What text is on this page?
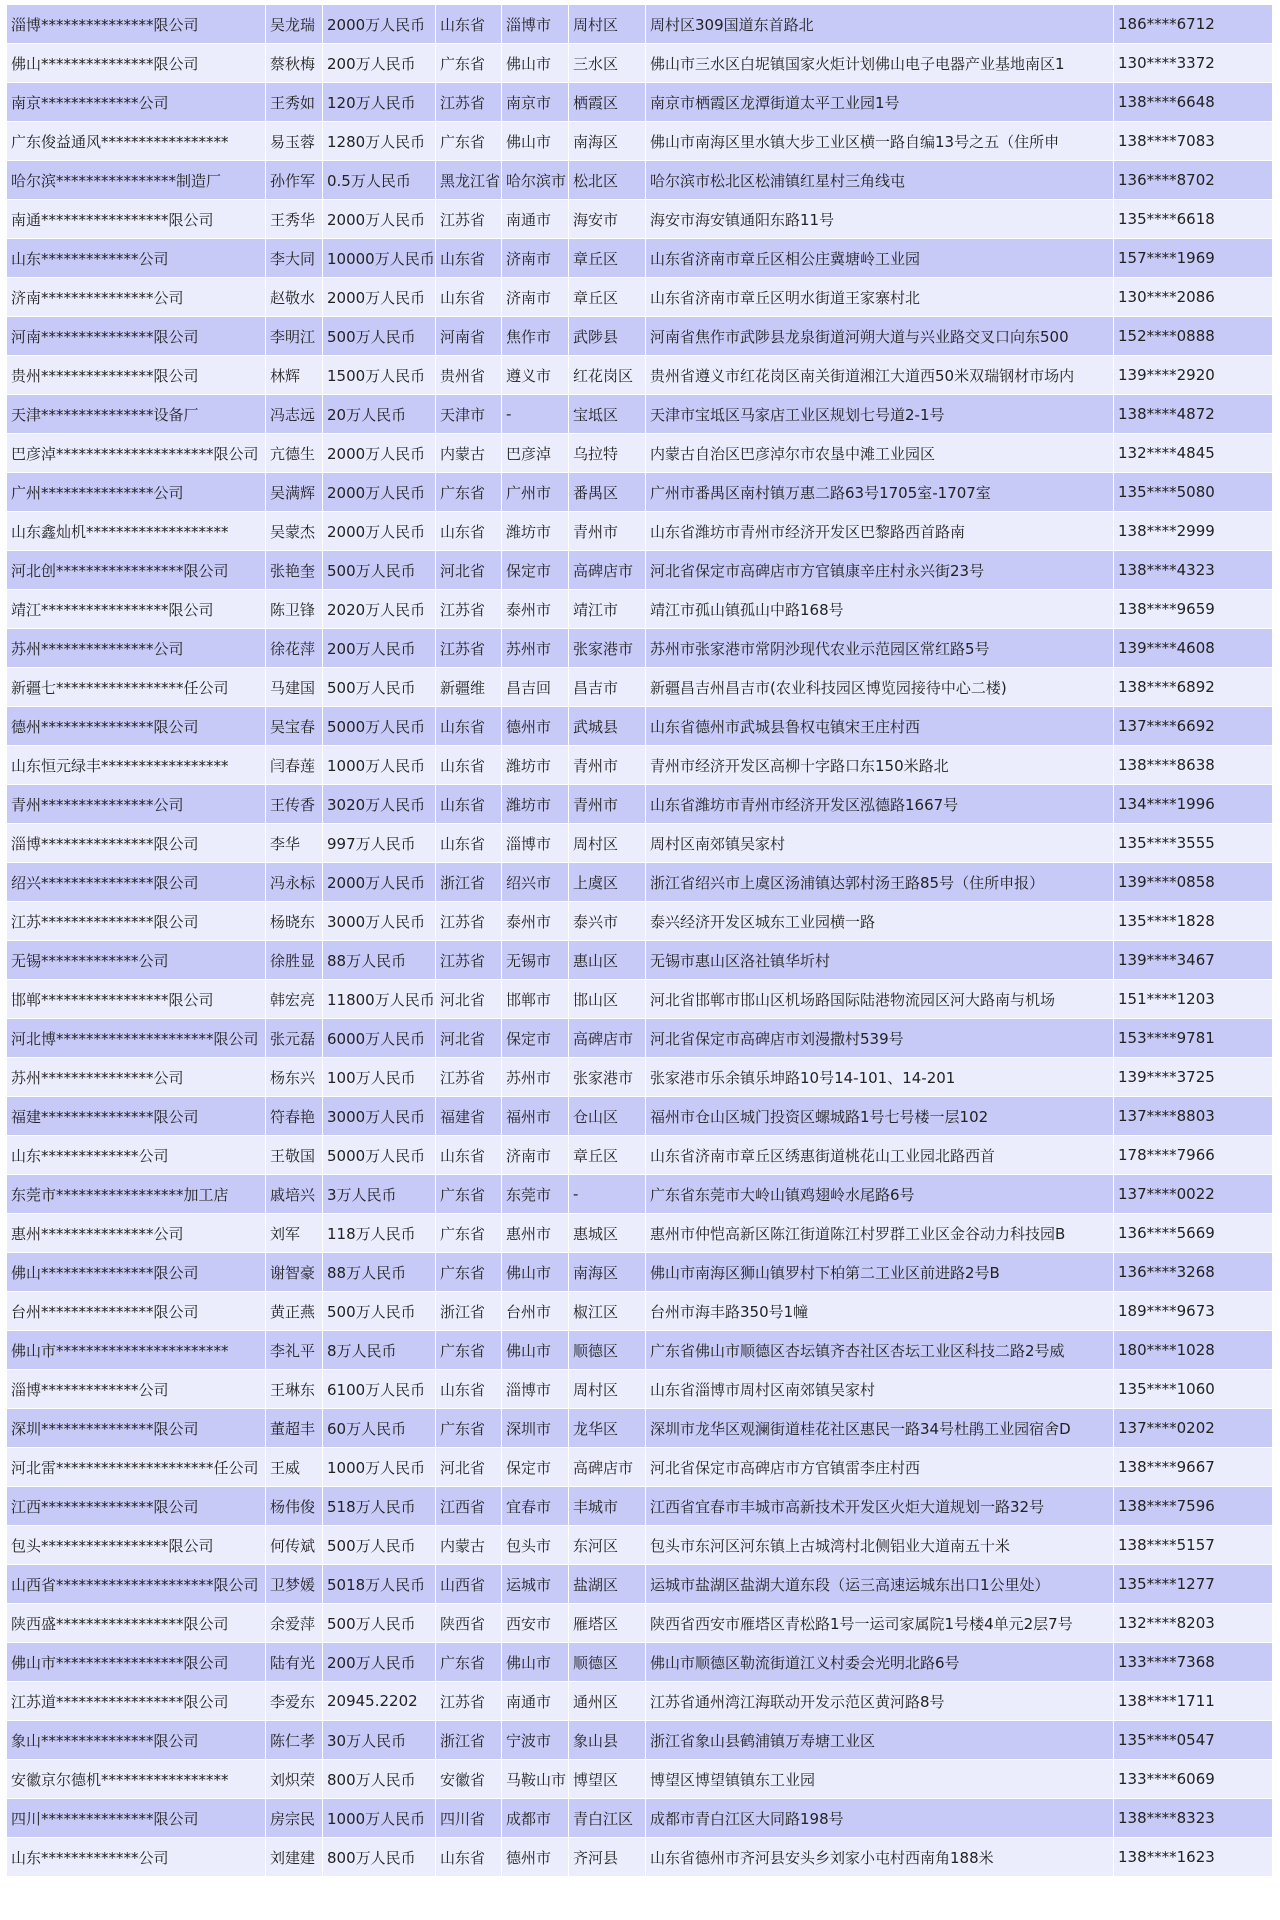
淄博***************限公司	吴龙瑞	2000万人民币	山东省	淄博市	周村区	周村区309国道东首路北	186****6712
佛山***************限公司	蔡秋梅	200万人民币	广东省	佛山市	三水区	佛山市三水区白坭镇国家火炬计划佛山电子电器产业基地南区1	130****3372
南京*************公司	王秀如	120万人民币	江苏省	南京市	栖霞区	南京市栖霞区龙潭街道太平工业园1号	138****6648
广东俊益通风*****************	易玉蓉	1280万人民币	广东省	佛山市	南海区	佛山市南海区里水镇大步工业区横一路自编13号之五（住所申	138****7083
哈尔滨****************制造厂	孙作军	0.5万人民币	黑龙江省	哈尔滨市	松北区	哈尔滨市松北区松浦镇红星村三角线屯	136****8702
南通*****************限公司	王秀华	2000万人民币	江苏省	南通市	海安市	海安市海安镇通阳东路11号	135****6618
山东*************公司	李大同	10000万人民币	山东省	济南市	章丘区	山东省济南市章丘区相公庄冀塘岭工业园	157****1969
济南***************公司	赵敬水	2000万人民币	山东省	济南市	章丘区	山东省济南市章丘区明水街道王家寨村北	130****2086
河南***************限公司	李明江	500万人民币	河南省	焦作市	武陟县	河南省焦作市武陟县龙泉街道河朔大道与兴业路交叉口向东500	152****0888
贵州***************限公司	林辉	1500万人民币	贵州省	遵义市	红花岗区	贵州省遵义市红花岗区南关街道湘江大道西50米双瑞钢材市场内	139****2920
天津***************设备厂	冯志远	20万人民币	天津市	-	宝坻区	天津市宝坻区马家店工业区规划七号道2-1号	138****4872
巴彦淖*********************限公司	亢德生	2000万人民币	内蒙古	巴彦淖	乌拉特	内蒙古自治区巴彦淖尔市农垦中滩工业园区	132****4845
广州***************公司	吴满辉	2000万人民币	广东省	广州市	番禺区	广州市番禺区南村镇万惠二路63号1705室-1707室	135****5080
山东鑫灿机*******************	吴蒙杰	2000万人民币	山东省	潍坊市	青州市	山东省潍坊市青州市经济开发区巴黎路西首路南	138****2999
河北创*****************限公司	张艳奎	500万人民币	河北省	保定市	高碑店市	河北省保定市高碑店市方官镇康辛庄村永兴街23号	138****4323
靖江*****************限公司	陈卫锋	2020万人民币	江苏省	泰州市	靖江市	靖江市孤山镇孤山中路168号	138****9659
苏州***************公司	徐花萍	200万人民币	江苏省	苏州市	张家港市	苏州市张家港市常阴沙现代农业示范园区常红路5号	139****4608
新疆七*****************任公司	马建国	500万人民币	新疆维	昌吉回	昌吉市	新疆昌吉州昌吉市(农业科技园区博览园接待中心二楼)	138****6892
德州***************限公司	吴宝春	5000万人民币	山东省	德州市	武城县	山东省德州市武城县鲁权屯镇宋王庄村西	137****6692
山东恒元绿丰*****************	闫春莲	1000万人民币	山东省	潍坊市	青州市	青州市经济开发区高柳十字路口东150米路北	138****8638
青州***************公司	王传香	3020万人民币	山东省	潍坊市	青州市	山东省潍坊市青州市经济开发区泓德路1667号	134****1996
淄博***************限公司	李华	997万人民币	山东省	淄博市	周村区	周村区南郊镇吴家村	135****3555
绍兴***************限公司	冯永标	2000万人民币	浙江省	绍兴市	上虞区	浙江省绍兴市上虞区汤浦镇达郭村汤王路85号（住所申报）	139****0858
江苏***************限公司	杨晓东	3000万人民币	江苏省	泰州市	泰兴市	泰兴经济开发区城东工业园横一路	135****1828
无锡*************公司	徐胜显	88万人民币	江苏省	无锡市	惠山区	无锡市惠山区洛社镇华圻村	139****3467
邯郸*****************限公司	韩宏亮	11800万人民币	河北省	邯郸市	邯山区	河北省邯郸市邯山区机场路国际陆港物流园区河大路南与机场	151****1203
河北博*********************限公司	张元磊	6000万人民币	河北省	保定市	高碑店市	河北省保定市高碑店市刘漫撒村539号	153****9781
苏州***************公司	杨东兴	100万人民币	江苏省	苏州市	张家港市	张家港市乐余镇乐坤路10号14-101、14-201	139****3725
福建***************限公司	符春艳	3000万人民币	福建省	福州市	仓山区	福州市仓山区城门投资区螺城路1号七号楼一层102	137****8803
山东*************公司	王敬国	5000万人民币	山东省	济南市	章丘区	山东省济南市章丘区绣惠街道桃花山工业园北路西首	178****7966
东莞市*****************加工店	戚培兴	3万人民币	广东省	东莞市	-	广东省东莞市大岭山镇鸡翅岭水尾路6号	137****0022
惠州***************公司	刘军	118万人民币	广东省	惠州市	惠城区	惠州市仲恺高新区陈江街道陈江村罗群工业区金谷动力科技园B	136****5669
佛山***************限公司	谢智豪	88万人民币	广东省	佛山市	南海区	佛山市南海区狮山镇罗村下柏第二工业区前进路2号B	136****3268
台州***************限公司	黄正燕	500万人民币	浙江省	台州市	椒江区	台州市海丰路350号1幢	189****9673
佛山市***********************	李礼平	8万人民币	广东省	佛山市	顺德区	广东省佛山市顺德区杏坛镇齐杏社区杏坛工业区科技二路2号威	180****1028
淄博*************公司	王琳东	6100万人民币	山东省	淄博市	周村区	山东省淄博市周村区南郊镇吴家村	135****1060
深圳***************限公司	董超丰	60万人民币	广东省	深圳市	龙华区	深圳市龙华区观澜街道桂花社区惠民一路34号杜鹃工业园宿舍D	137****0202
河北雷*********************任公司	王威	1000万人民币	河北省	保定市	高碑店市	河北省保定市高碑店市方官镇雷李庄村西	138****9667
江西***************限公司	杨伟俊	518万人民币	江西省	宜春市	丰城市	江西省宜春市丰城市高新技术开发区火炬大道规划一路32号	138****7596
包头*****************限公司	何传斌	500万人民币	内蒙古	包头市	东河区	包头市东河区河东镇上古城湾村北侧铝业大道南五十米	138****5157
山西省*********************限公司	卫梦媛	5018万人民币	山西省	运城市	盐湖区	运城市盐湖区盐湖大道东段（运三高速运城东出口1公里处）	135****1277
陕西盛*****************限公司	余爱萍	500万人民币	陕西省	西安市	雁塔区	陕西省西安市雁塔区青松路1号一运司家属院1号楼4单元2层7号	132****8203
佛山市*****************限公司	陆有光	200万人民币	广东省	佛山市	顺德区	佛山市顺德区勒流街道江义村委会光明北路6号	133****7368
江苏道*****************限公司	李爱东	20945.2202	江苏省	南通市	通州区	江苏省通州湾江海联动开发示范区黄河路8号	138****1711
象山***************限公司	陈仁孝	30万人民币	浙江省	宁波市	象山县	浙江省象山县鹤浦镇万寿塘工业区	135****0547
安徽京尔德机*****************	刘炽荣	800万人民币	安徽省	马鞍山市	博望区	博望区博望镇镇东工业园	133****6069
四川***************限公司	房宗民	1000万人民币	四川省	成都市	青白江区	成都市青白江区大同路198号	138****8323
山东*************公司	刘建建	800万人民币	山东省	德州市	齐河县	山东省德州市齐河县安头乡刘家小屯村西南角188米	138****1623
